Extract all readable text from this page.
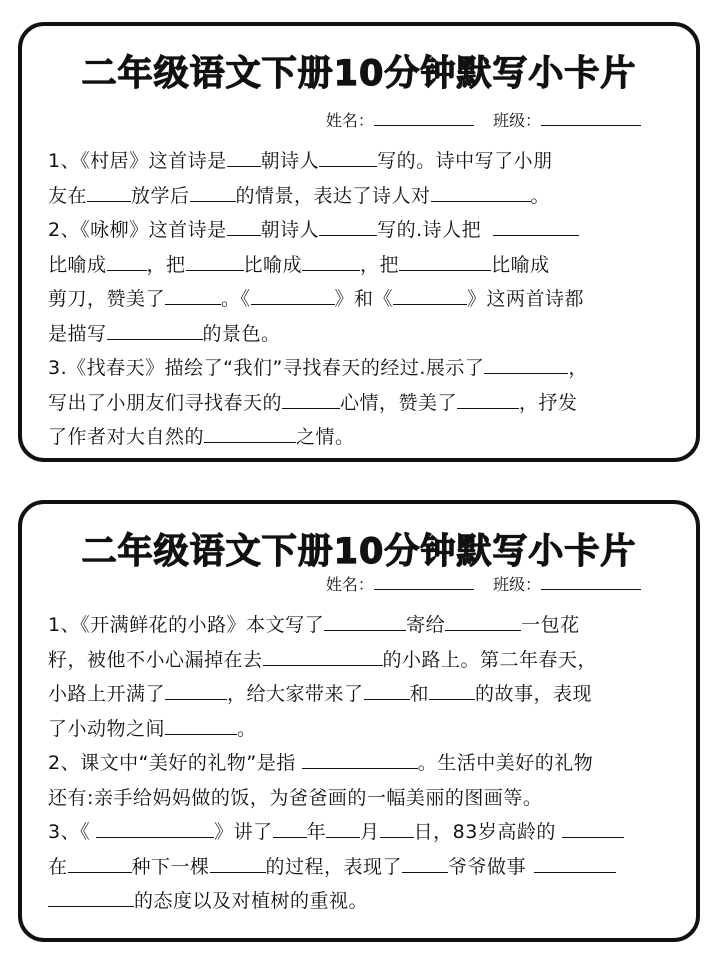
二年级语文下册10分钟默写小卡片
姓名：	班级：
1、《村居》这首诗是 朝诗人	写的。诗中写了小朋
友在 放学后 的情景，表达了诗人对	。
2、《咏柳》这首诗是 朝诗人	写的.诗人把
比喻成 ，把	比喻成	，把	比喻成
剪刀，赞美了	。《	》和《	》这两首诗都
是描写	的景色。
3.《找春天》描绘了“我们”寻找春天的经过.展示了	，
写出了小朋友们寻找春天的	心情，赞美了	，抒发
了作者对大自然的	之情。
二年级语文下册10分钟默写小卡片
姓名：	班级：
1、《开满鲜花的小路》本文写了	寄给	一包花
籽，被他不小心漏掉在去	的小路上。第二年春天，
小路上开满了	，给大家带来了 和 的故事，表现
了小动物之间	。
2、课文中“美好的礼物”是指	。生活中美好的礼物
还有:亲手给妈妈做的饭，为爸爸画的一幅美丽的图画等。
3、《	》讲了 年 月 日，83岁高龄的
在	种下一棵	的过程，表现了 爷爷做事
的态度以及对植树的重视。
